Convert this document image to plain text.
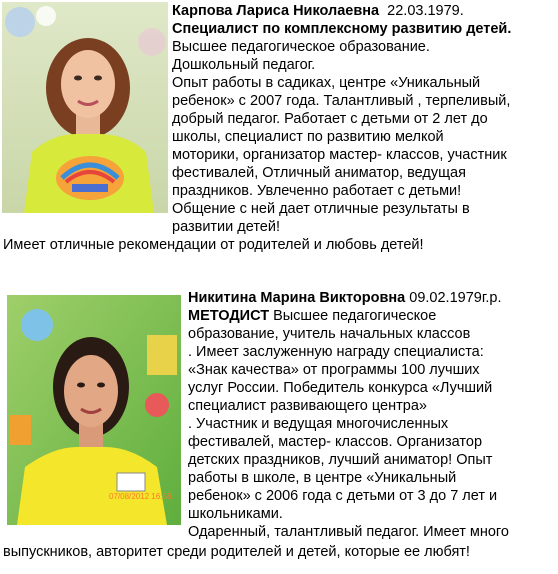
Карпова Лариса Николаевна 22.03.1979.
Специалист по комплексному развитию детей.
Высшее педагогическое образование.
Дошкольный педагог.
Опыт работы в садиках, центре «Уникальный
ребенок» с 2007 года. Талантливый , терпеливый,
добрый педагог. Работает с детьми от 2 лет до
школы, специалист по развитию мелкой
моторики, организатор мастер- классов, участник
фестивалей, Отличный аниматор, ведущая
праздников. Увлеченно работает с детьми!
Общение с ней дает отличные результаты в
развитии детей!
Имеет отличные рекомендации от родителей и любовь детей!
07/08/2012 16:58
Никитина Марина Викторовна 09.02.1979г.р.
МЕТОДИСТ Высшее педагогическое
образование, учитель начальных классов
. Имеет заслуженную награду специалиста:
«Знак качества» от программы 100 лучших
услуг России. Победитель конкурса «Лучший
специалист развивающего центра»
. Участник и ведущая многочисленных
фестивалей, мастер- классов. Организатор
детских праздников, лучший аниматор! Опыт
работы в школе, в центре «Уникальный
ребенок» с 2006 года с детьми от 3 до 7 лет и
школьниками.
Одаренный, талантливый педагог. Имеет много
выпускников, авторитет среди родителей и детей, которые ее любят!
